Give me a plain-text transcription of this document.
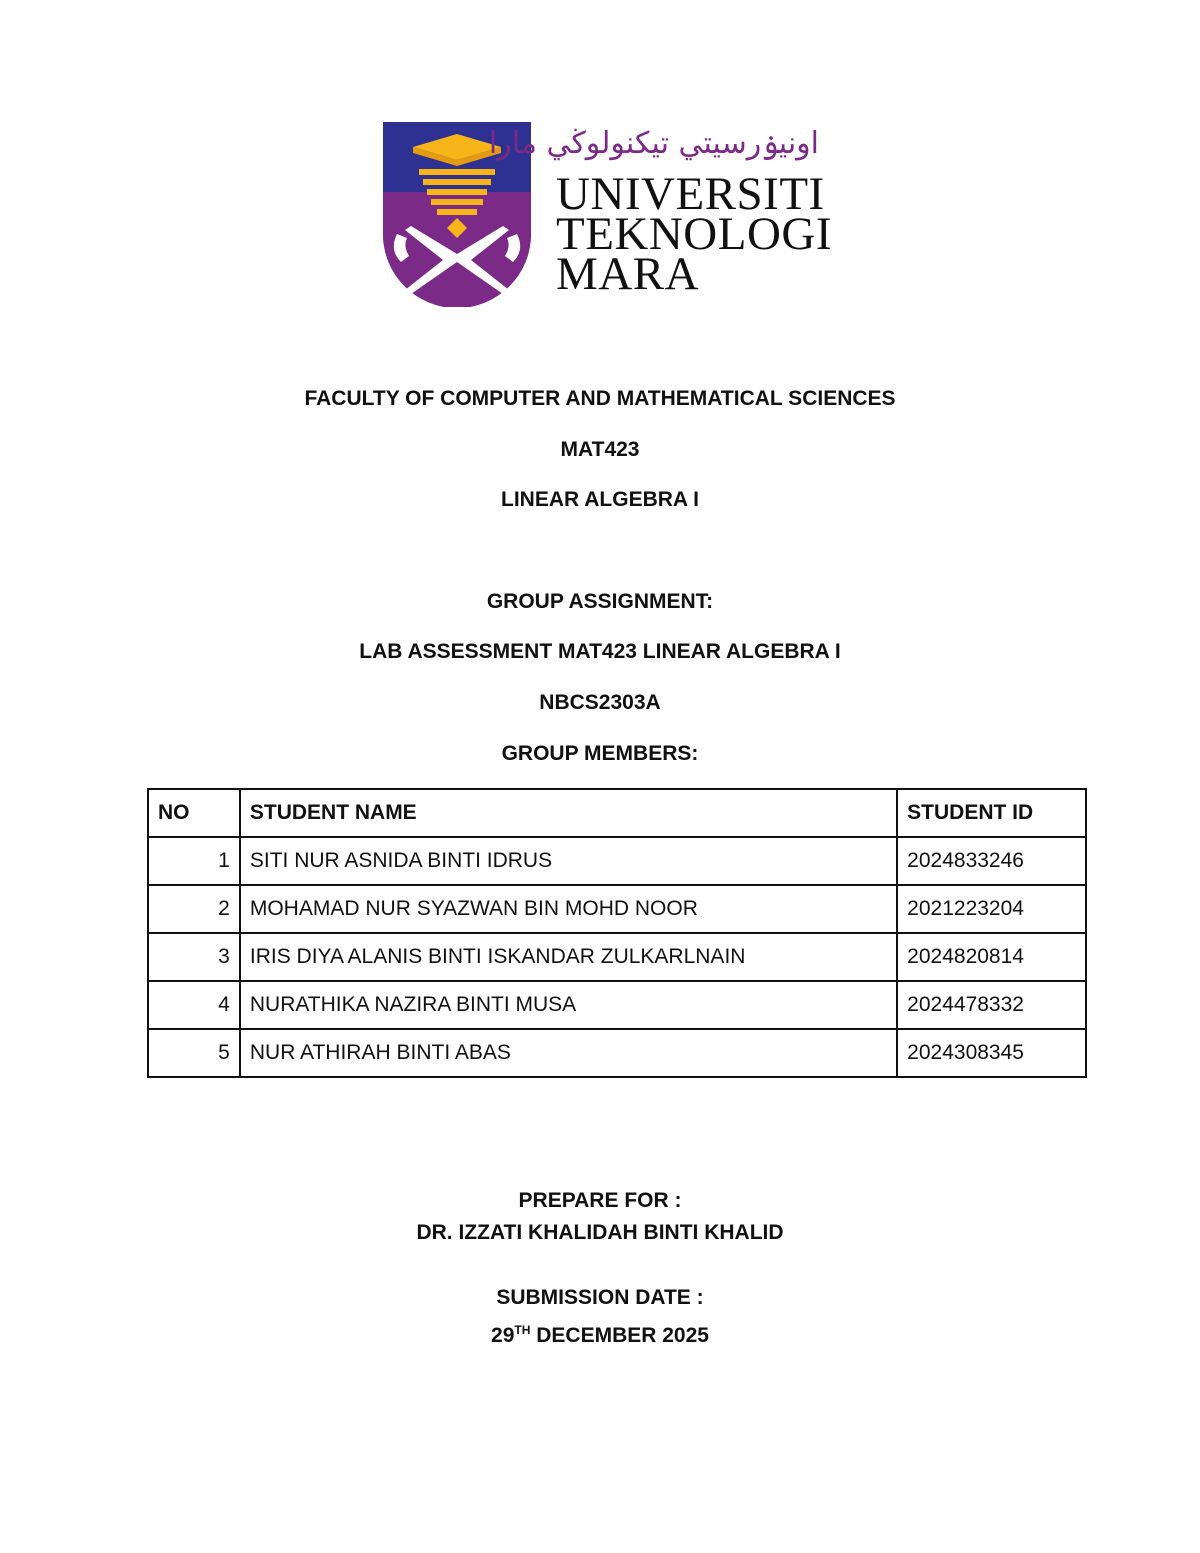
اونيۏرسيتي تيكنولوڬي مارا
UNIVERSITI
TEKNOLOGI
MARA
FACULTY OF COMPUTER AND MATHEMATICAL SCIENCES
MAT423
LINEAR ALGEBRA I
GROUP ASSIGNMENT:
LAB ASSESSMENT MAT423 LINEAR ALGEBRA I
NBCS2303A
GROUP MEMBERS:
NO	STUDENT NAME	STUDENT ID
1	SITI NUR ASNIDA BINTI IDRUS	2024833246
2	MOHAMAD NUR SYAZWAN BIN MOHD NOOR	2021223204
3	IRIS DIYA ALANIS BINTI ISKANDAR ZULKARLNAIN	2024820814
4	NURATHIKA NAZIRA BINTI MUSA	2024478332
5	NUR ATHIRAH BINTI ABAS	2024308345
PREPARE FOR :
DR. IZZATI KHALIDAH BINTI KHALID
SUBMISSION DATE :
29TH DECEMBER 2025
